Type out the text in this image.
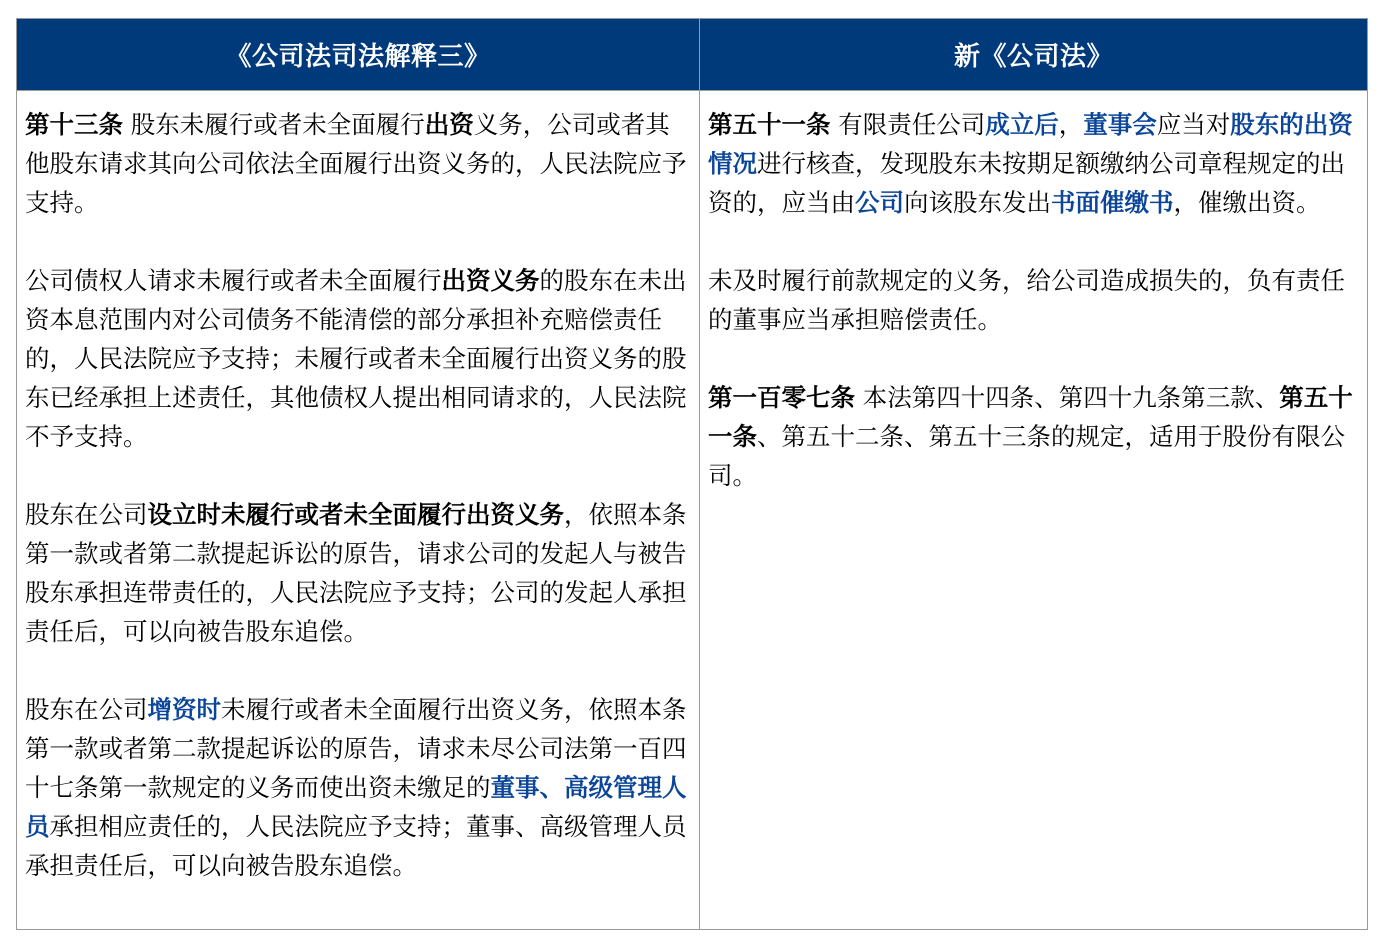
《公司法司法解释三》	新《公司法》

第十三条 股东未履行或者未全面履行出资义务，公司或者其他股东请求其向公司依法全面履行出资义务的，人民法院应予支持。

公司债权人请求未履行或者未全面履行出资义务的股东在未出资本息范围内对公司债务不能清偿的部分承担补充赔偿责任的，人民法院应予支持；未履行或者未全面履行出资义务的股东已经承担上述责任，其他债权人提出相同请求的，人民法院不予支持。

股东在公司设立时未履行或者未全面履行出资义务，依照本条第一款或者第二款提起诉讼的原告，请求公司的发起人与被告股东承担连带责任的，人民法院应予支持；公司的发起人承担责任后，可以向被告股东追偿。

股东在公司增资时未履行或者未全面履行出资义务，依照本条第一款或者第二款提起诉讼的原告，请求未尽公司法第一百四十七条第一款规定的义务而使出资未缴足的董事、高级管理人员承担相应责任的，人民法院应予支持；董事、高级管理人员承担责任后，可以向被告股东追偿。

第五十一条 有限责任公司成立后，董事会应当对股东的出资情况进行核查，发现股东未按期足额缴纳公司章程规定的出资的，应当由公司向该股东发出书面催缴书，催缴出资。

未及时履行前款规定的义务，给公司造成损失的，负有责任的董事应当承担赔偿责任。

第一百零七条 本法第四十四条、第四十九条第三款、第五十一条、第五十二条、第五十三条的规定，适用于股份有限公司。
